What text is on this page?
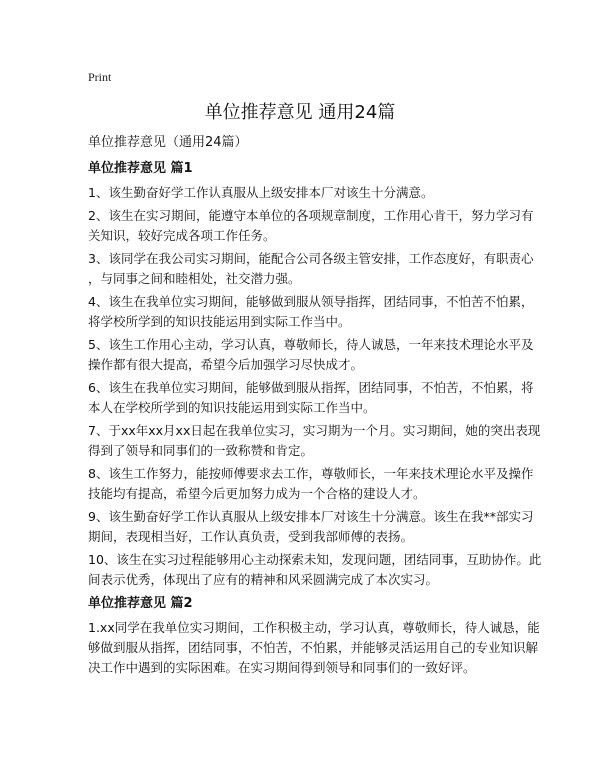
Print
单位推荐意见 通用24篇
单位推荐意见（通用24篇）
单位推荐意见 篇1
1、该生勤奋好学工作认真服从上级安排本厂对该生十分满意。
2、该生在实习期间，能遵守本单位的各项规章制度，工作用心肯干，努力学习有
关知识，较好完成各项工作任务。
3、该同学在我公司实习期间，能配合公司各级主管安排，工作态度好，有职责心
，与同事之间和睦相处，社交潜力强。
4、该生在我单位实习期间，能够做到服从领导指挥，团结同事，不怕苦不怕累，
将学校所学到的知识技能运用到实际工作当中。
5、该生工作用心主动，学习认真，尊敬师长，待人诚恳，一年来技术理论水平及
操作都有很大提高，希望今后加强学习尽快成才。
6、该生在我单位实习期间，能够做到服从指挥，团结同事，不怕苦，不怕累，将
本人在学校所学到的知识技能运用到实际工作当中。
7、于xx年xx月xx日起在我单位实习，实习期为一个月。实习期间，她的突出表现
得到了领导和同事们的一致称赞和肯定。
8、该生工作努力，能按师傅要求去工作，尊敬师长，一年来技术理论水平及操作
技能均有提高，希望今后更加努力成为一个合格的建设人才。
9、该生勤奋好学工作认真服从上级安排本厂对该生十分满意。该生在我**部实习
期间，表现相当好，工作认真负责，受到我部师傅的表扬。
10、该生在实习过程能够用心主动探索未知，发现问题，团结同事，互助协作。此
间表示优秀，体现出了应有的精神和风采圆满完成了本次实习。
单位推荐意见 篇2
1.xx同学在我单位实习期间，工作积极主动，学习认真，尊敬师长，待人诚恳，能
够做到服从指挥，团结同事，不怕苦，不怕累，并能够灵活运用自己的专业知识解
决工作中遇到的实际困难。在实习期间得到领导和同事们的一致好评。
